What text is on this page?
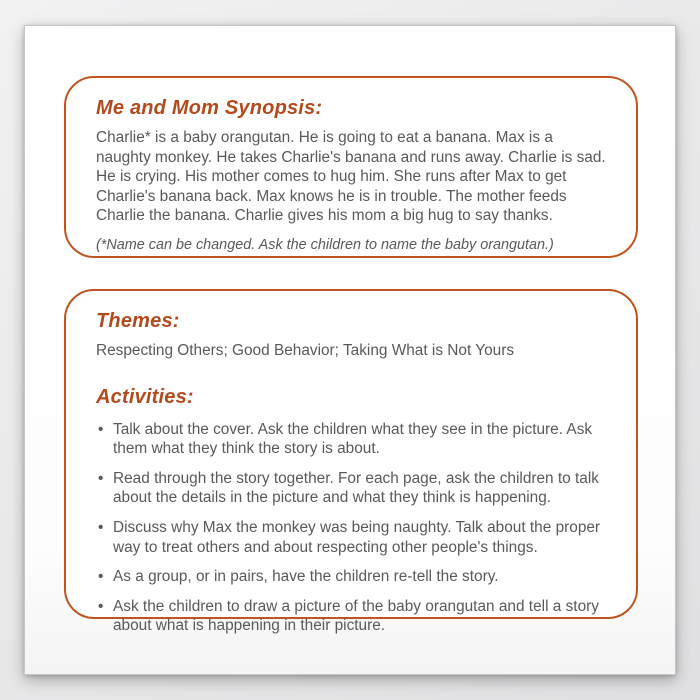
Me and Mom Synopsis:
Charlie* is a baby orangutan. He is going to eat a banana. Max is a naughty monkey. He takes Charlie's banana and runs away. Charlie is sad. He is crying. His mother comes to hug him. She runs after Max to get Charlie's banana back. Max knows he is in trouble. The mother feeds Charlie the banana. Charlie gives his mom a big hug to say thanks.
(*Name can be changed. Ask the children to name the baby orangutan.)
Themes:
Respecting Others; Good Behavior; Taking What is Not Yours
Activities:
• Talk about the cover. Ask the children what they see in the picture. Ask them what they think the story is about.
• Read through the story together. For each page, ask the children to talk about the details in the picture and what they think is happening.
• Discuss why Max the monkey was being naughty. Talk about the proper way to treat others and about respecting other people's things.
• As a group, or in pairs, have the children re-tell the story.
• Ask the children to draw a picture of the baby orangutan and tell a story about what is happening in their picture.
